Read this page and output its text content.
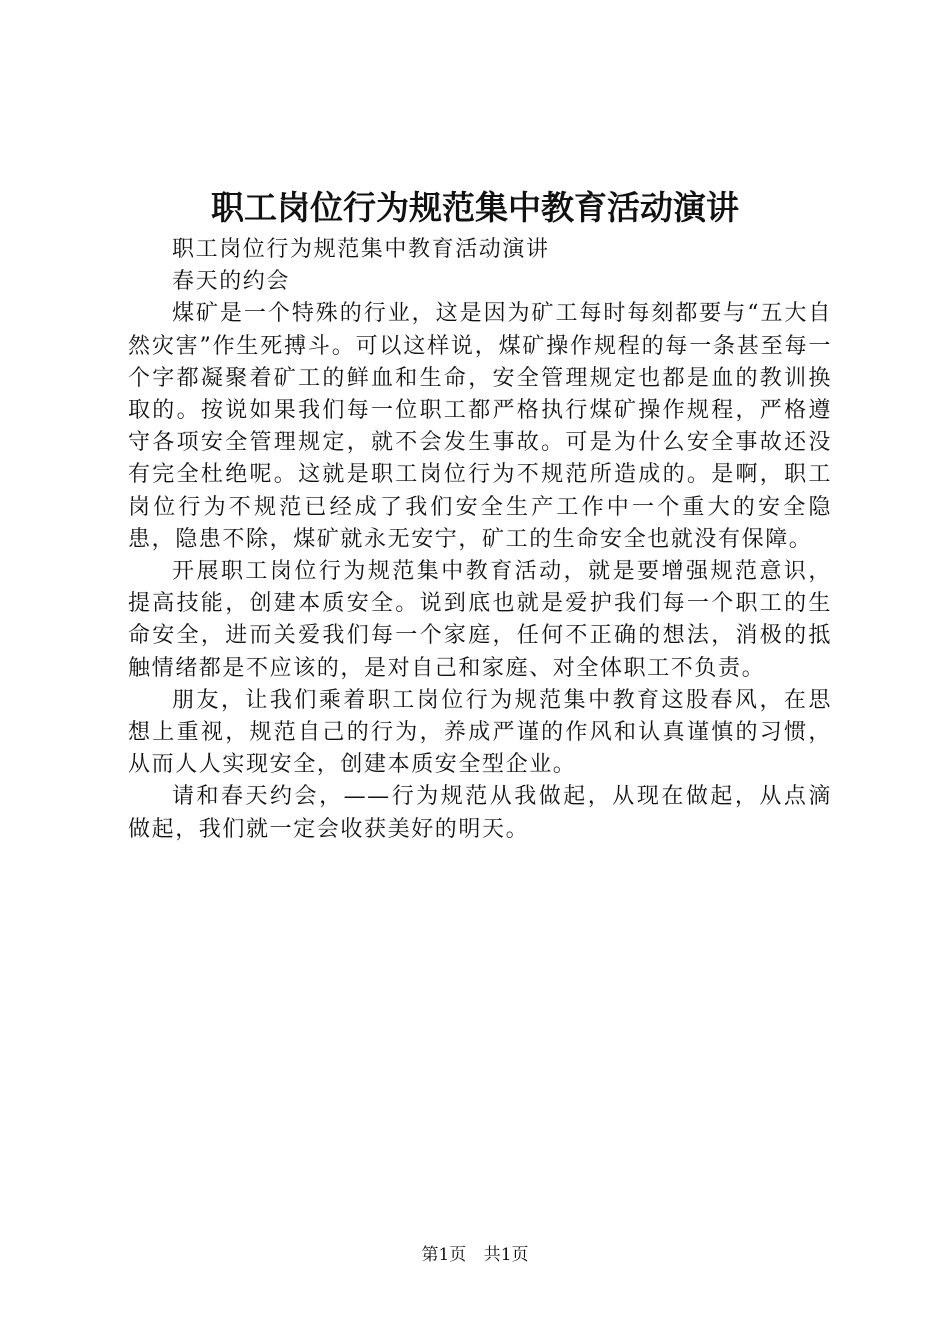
职工岗位行为规范集中教育活动演讲

职工岗位行为规范集中教育活动演讲

春天的约会

煤矿是一个特殊的行业，这是因为矿工每时每刻都要与“五大自然灾害”作生死搏斗。可以这样说，煤矿操作规程的每一条甚至每一个字都凝聚着矿工的鲜血和生命，安全管理规定也都是血的教训换取的。按说如果我们每一位职工都严格执行煤矿操作规程，严格遵守各项安全管理规定，就不会发生事故。可是为什么安全事故还没有完全杜绝呢。这就是职工岗位行为不规范所造成的。是啊，职工岗位行为不规范已经成了我们安全生产工作中一个重大的安全隐患，隐患不除，煤矿就永无安宁，矿工的生命安全也就没有保障。

开展职工岗位行为规范集中教育活动，就是要增强规范意识，提高技能，创建本质安全。说到底也就是爱护我们每一个职工的生命安全，进而关爱我们每一个家庭，任何不正确的想法，消极的抵触情绪都是不应该的，是对自己和家庭、对全体职工不负责。

朋友，让我们乘着职工岗位行为规范集中教育这股春风，在思想上重视，规范自己的行为，养成严谨的作风和认真谨慎的习惯，从而人人实现安全，创建本质安全型企业。

请和春天约会，——行为规范从我做起，从现在做起，从点滴做起，我们就一定会收获美好的明天。

第1页 共1页
